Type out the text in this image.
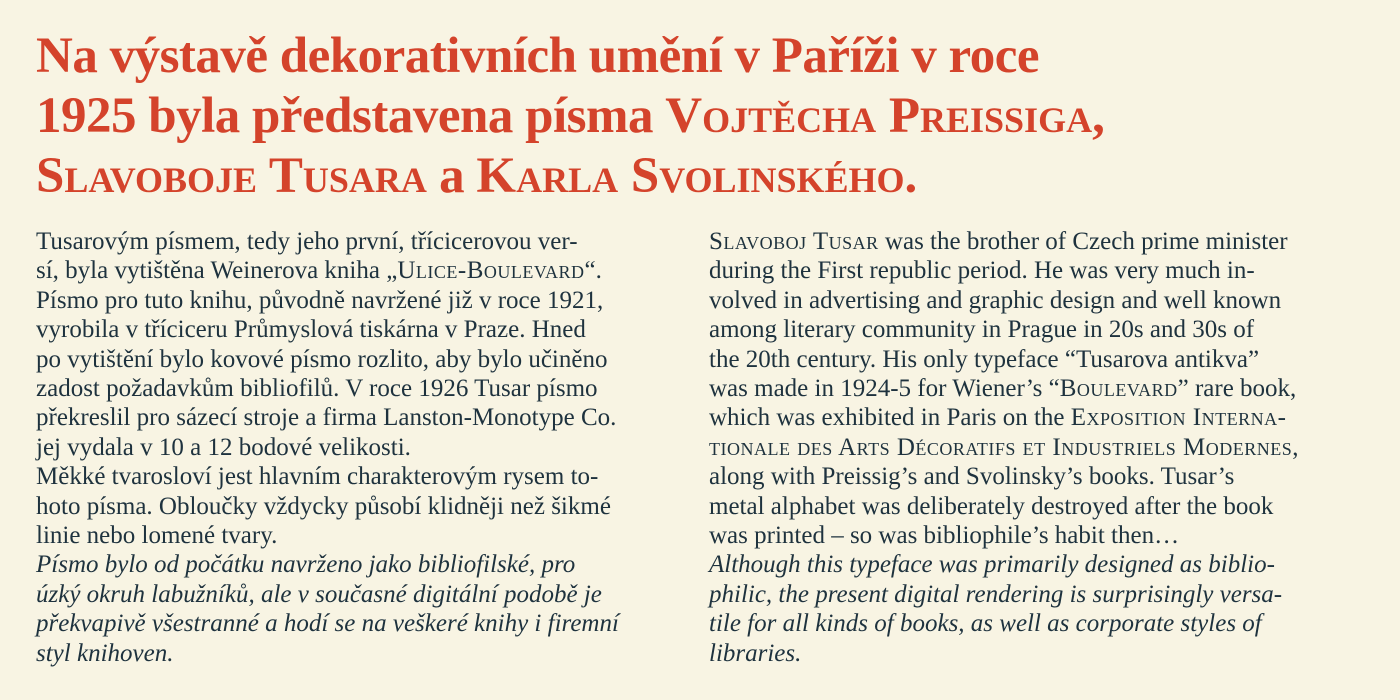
Na výstavě dekorativních umění v Paříži v roce
1925 byla představena písma Vojtěcha Preissiga,
Slavoboje Tusara a Karla Svolinského.
Tusarovým písmem, tedy jeho první, třícicerovou ver-
sí, byla vytištěna Weinerova kniha „Ulice-Boulevard“.
Písmo pro tuto knihu, původně navržené již v roce 1921,
vyrobila v tříciceru Průmyslová tiskárna v Praze. Hned
po vytištění bylo kovové písmo rozlito, aby bylo učiněno
zadost požadavkům bibliofilů. V roce 1926 Tusar písmo
překreslil pro sázecí stroje a firma Lanston-Monotype Co.
jej vydala v 10 a 12 bodové velikosti.
Měkké tvarosloví jest hlavním charakterovým rysem to-
hoto písma. Obloučky vždycky působí klidněji než šikmé
linie nebo lomené tvary.
Písmo bylo od počátku navrženo jako bibliofilské, pro
úzký okruh labužníků, ale v současné digitální podobě je
překvapivě všestranné a hodí se na veškeré knihy i firemní
styl knihoven.
Slavoboj Tusar was the brother of Czech prime minister
during the First republic period. He was very much in-
volved in advertising and graphic design and well known
among literary community in Prague in 20s and 30s of
the 20th century. His only typeface “Tusarova antikva”
was made in 1924-5 for Wiener’s “Boulevard” rare book,
which was exhibited in Paris on the Exposition Interna-
tionale des Arts Décoratifs et Industriels Modernes,
along with Preissig’s and Svolinsky’s books. Tusar’s
metal alphabet was deliberately destroyed after the book
was printed – so was bibliophile’s habit then…
Although this typeface was primarily designed as biblio-
philic, the present digital rendering is surprisingly versa-
tile for all kinds of books, as well as corporate styles of
libraries.
